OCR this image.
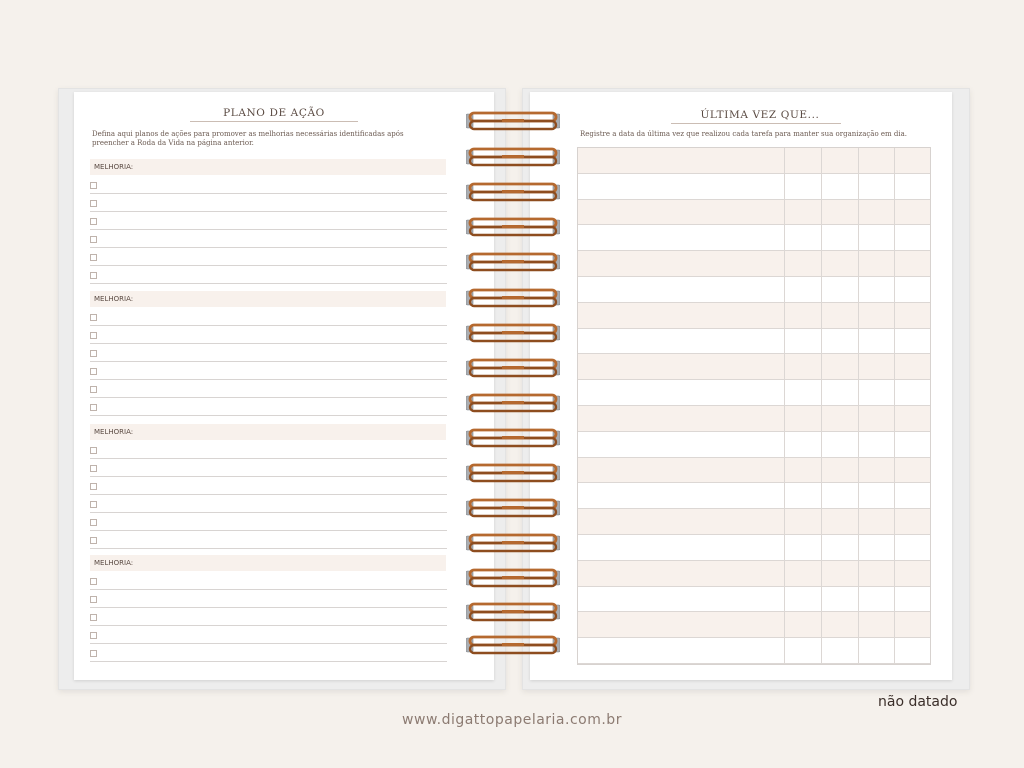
PLANO DE AÇÃO
Defina aqui planos de ações para promover as melhorias necessárias identificadas após preencher a Roda da Vida na página anterior.
MELHORIA:
MELHORIA:
MELHORIA:
MELHORIA:
ÚLTIMA VEZ QUE...
Registre a data da última vez que realizou cada tarefa para manter sua organização em dia.
não datado
www.digattopapelaria.com.br
